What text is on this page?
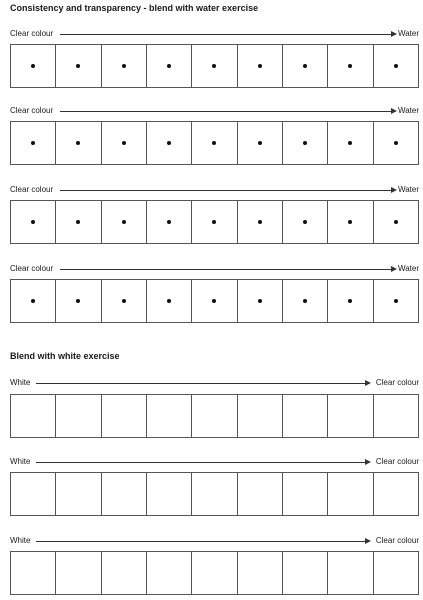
Consistency and transparency - blend with water exercise
Clear colour	Water
Clear colour	Water
Clear colour	Water
Clear colour	Water
Blend with white exercise
White	Clear colour
White	Clear colour
White	Clear colour
